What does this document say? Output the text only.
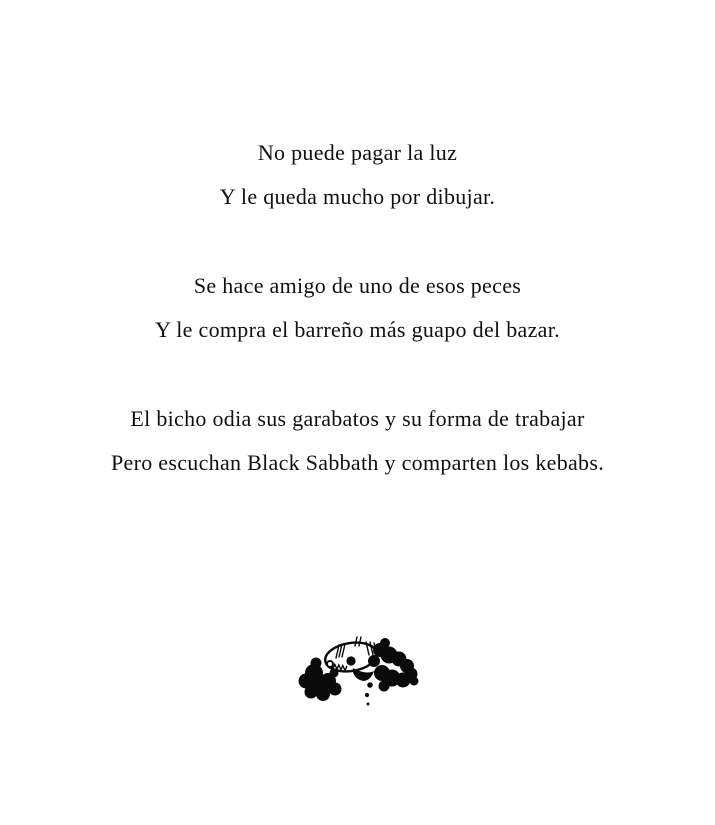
No puede pagar la luz
Y le queda mucho por dibujar.

Se hace amigo de uno de esos peces
Y le compra el barreño más guapo del bazar.

El bicho odia sus garabatos y su forma de trabajar
Pero escuchan Black Sabbath y comparten los kebabs.
